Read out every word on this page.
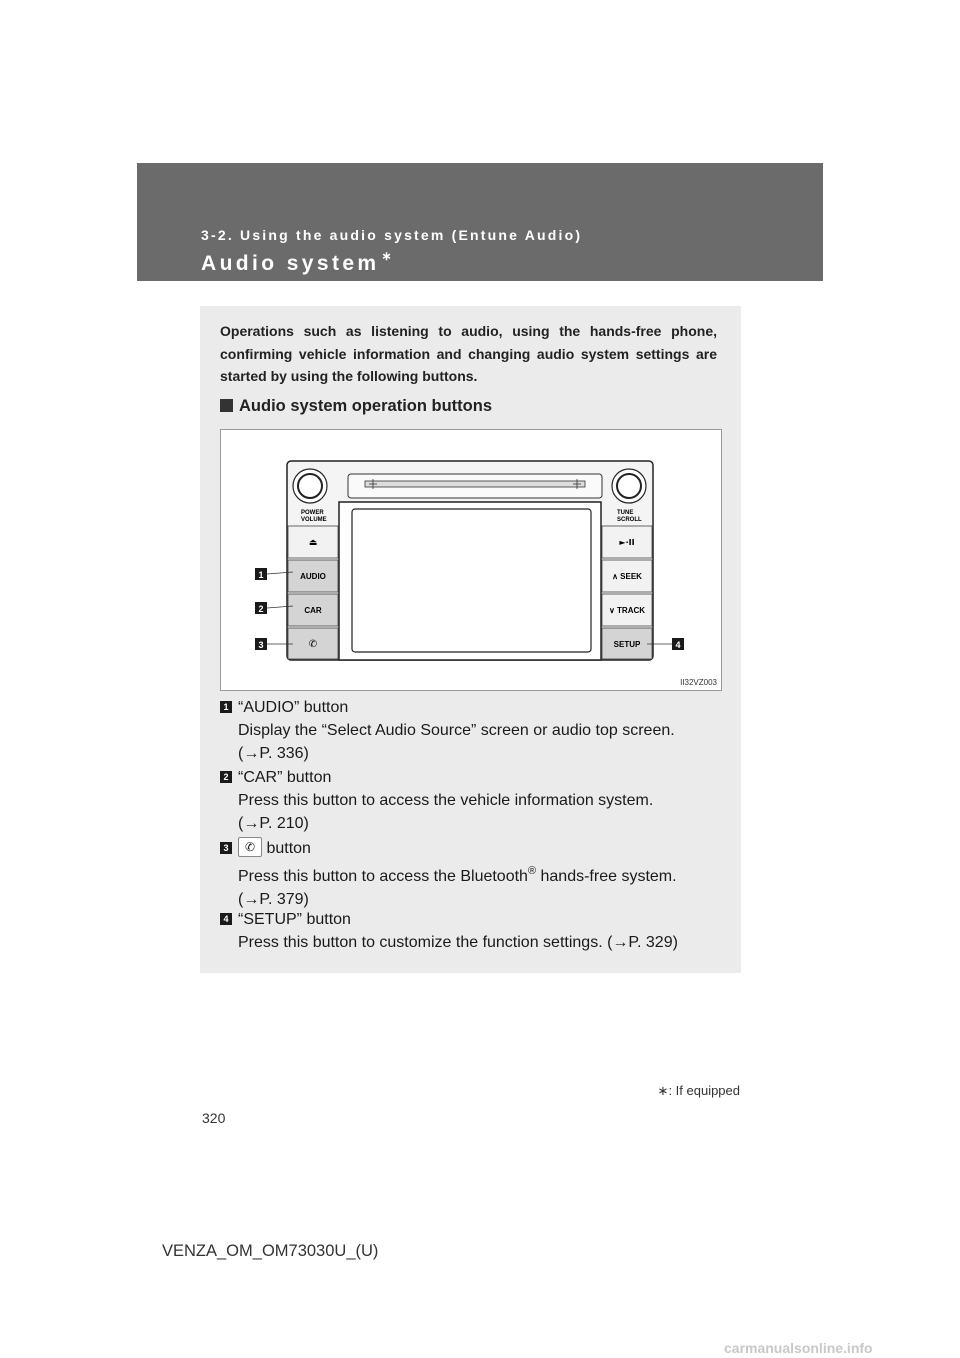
3-2. Using the audio system (Entune Audio)
Audio system ∗

Operations such as listening to audio, using the hands-free phone, confirming vehicle information and changing audio system settings are started by using the following buttons.

Audio system operation buttons
POWER
VOLUME
TUNE
SCROLL
⏏
AUDIO
CAR
✆
►·II
∧ SEEK
∨ TRACK
SETUP
1
2
3	4
II32VZ003
1 “AUDIO” button
Display the “Select Audio Source” screen or audio top screen.
(→P. 336)
2 “CAR” button
Press this button to access the vehicle information system.
(→P. 210)
3	✆ button
Press this button to access the Bluetooth® hands-free system.
(→P. 379)
4 “SETUP” button
Press this button to customize the function settings. (→P. 329)
∗: If equipped
320
VENZA_OM_OM73030U_(U)
carmanualsonline.info
